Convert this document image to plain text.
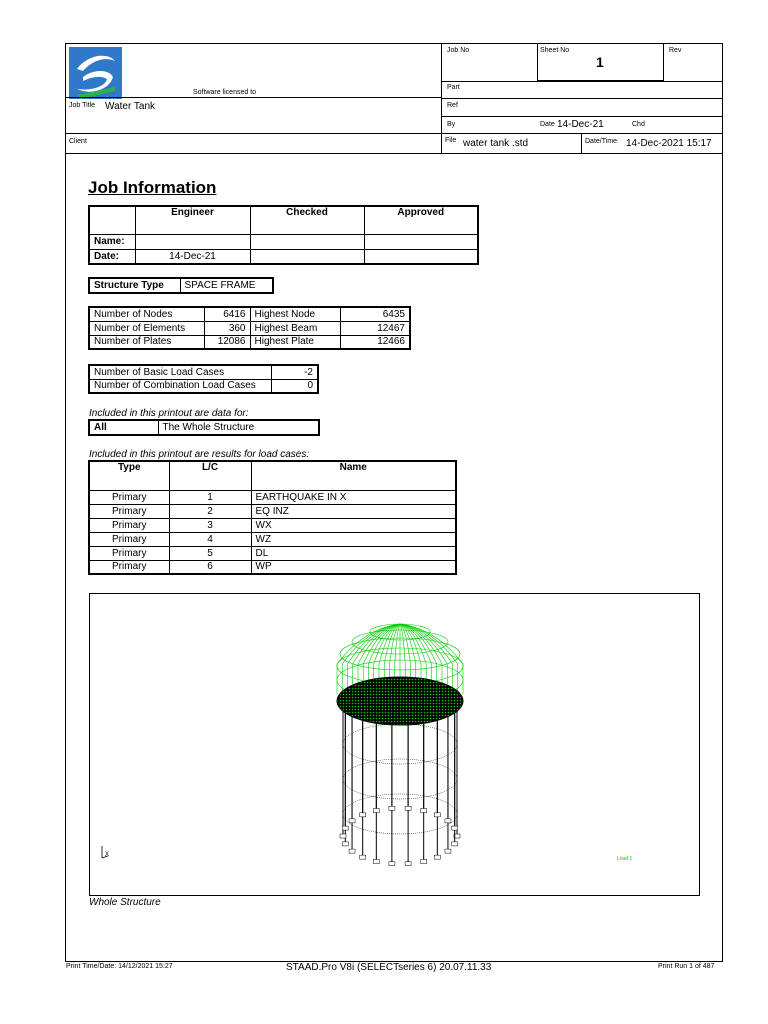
Software licensed to
Job Title Water Tank
Client
Job No	Sheet No
1
Rev
Part
Ref
By	Date 14-Dec-21	Chd
File water tank .std	Date/Time 14-Dec-2021 15:17
Job Information
	Engineer	Checked	Approved
Name:			
Date:	14-Dec-21		
Structure Type	SPACE FRAME
Number of Nodes	6416	Highest Node	6435
Number of Elements	360	Highest Beam	12467
Number of Plates	12086	Highest Plate	12466
Number of Basic Load Cases	-2
Number of Combination Load Cases	0
Included in this printout are data for:
All	The Whole Structure
Included in this printout are results for load cases:
Type	L/C	Name
Primary	1	EARTHQUAKE IN X
Primary	2	EQ INZ
Primary	3	WX
Primary	4	WZ
Primary	5	DL
Primary	6	WP
X
Load 1
Whole Structure
Print Time/Date: 14/12/2021 15:27	STAAD.Pro V8i (SELECTseries 6) 20.07.11.33	Print Run 1 of 487
